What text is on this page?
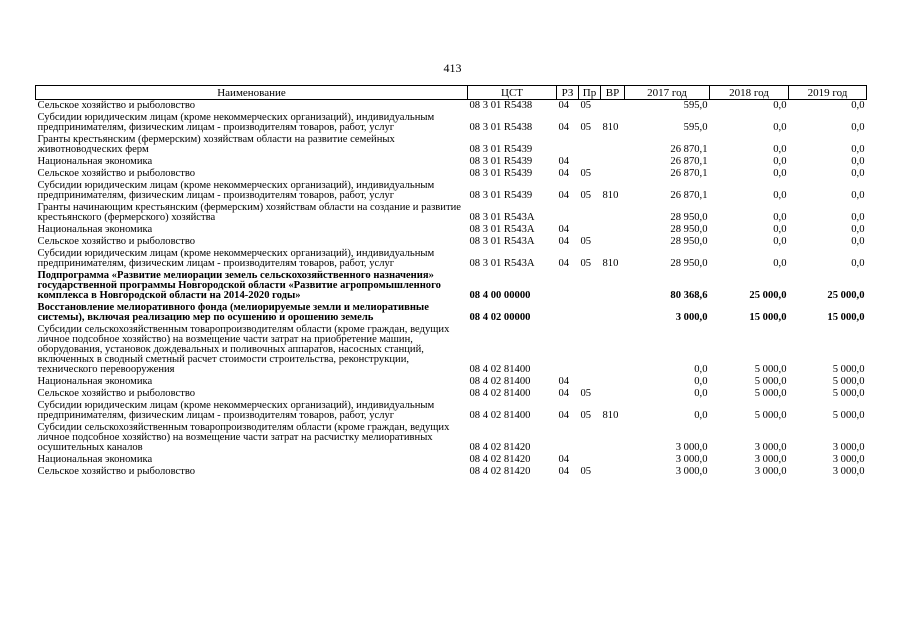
413
Наименование	ЦСТ	РЗ	Пр	ВР	2017 год	2018 год	2019 год
Сельское хозяйство и рыболовство	08 3 01 R5438	04	05		595,0	0,0	0,0
Субсидии юридическим лицам (кроме некоммерческих организаций), индивидуальным предпринимателям, физическим лицам - производителям товаров, работ, услуг	08 3 01 R5438	04	05	810	595,0	0,0	0,0
Гранты крестьянским (фермерским) хозяйствам области на развитие семейных животноводческих ферм	08 3 01 R5439				26 870,1	0,0	0,0
Национальная экономика	08 3 01 R5439	04			26 870,1	0,0	0,0
Сельское хозяйство и рыболовство	08 3 01 R5439	04	05		26 870,1	0,0	0,0
Субсидии юридическим лицам (кроме некоммерческих организаций), индивидуальным предпринимателям, физическим лицам - производителям товаров, работ, услуг	08 3 01 R5439	04	05	810	26 870,1	0,0	0,0
Гранты начинающим крестьянским (фермерским) хозяйствам области на создание и развитие крестьянского (фермерского) хозяйства	08 3 01 R543A				28 950,0	0,0	0,0
Национальная экономика	08 3 01 R543A	04			28 950,0	0,0	0,0
Сельское хозяйство и рыболовство	08 3 01 R543A	04	05		28 950,0	0,0	0,0
Субсидии юридическим лицам (кроме некоммерческих организаций), индивидуальным предпринимателям, физическим лицам - производителям товаров, работ, услуг	08 3 01 R543A	04	05	810	28 950,0	0,0	0,0
Подпрограмма «Развитие мелиорации земель сельскохозяйственного назначения» государственной программы Новгородской области «Развитие агропромышленного комплекса в Новгородской области на 2014-2020 годы»	08 4 00 00000				80 368,6	25 000,0	25 000,0
Восстановление мелиоративного фонда (мелиорируемые земли и мелиоративные системы), включая реализацию мер по осушению и орошению земель	08 4 02 00000				3 000,0	15 000,0	15 000,0
Субсидии сельскохозяйственным товаропроизводителям области (кроме граждан, ведущих личное подсобное хозяйство) на возмещение части затрат на приобретение машин, оборудования, установок дождевальных и поливочных аппаратов, насосных станций, включенных в сводный сметный расчет стоимости строительства, реконструкции, технического перевооружения	08 4 02 81400				0,0	5 000,0	5 000,0
Национальная экономика	08 4 02 81400	04			0,0	5 000,0	5 000,0
Сельское хозяйство и рыболовство	08 4 02 81400	04	05		0,0	5 000,0	5 000,0
Субсидии юридическим лицам (кроме некоммерческих организаций), индивидуальным предпринимателям, физическим лицам - производителям товаров, работ, услуг	08 4 02 81400	04	05	810	0,0	5 000,0	5 000,0
Субсидии сельскохозяйственным товаропроизводителям области (кроме граждан, ведущих личное подсобное хозяйство) на возмещение части затрат на расчистку мелиоративных осушительных каналов	08 4 02 81420				3 000,0	3 000,0	3 000,0
Национальная экономика	08 4 02 81420	04			3 000,0	3 000,0	3 000,0
Сельское хозяйство и рыболовство	08 4 02 81420	04	05		3 000,0	3 000,0	3 000,0
